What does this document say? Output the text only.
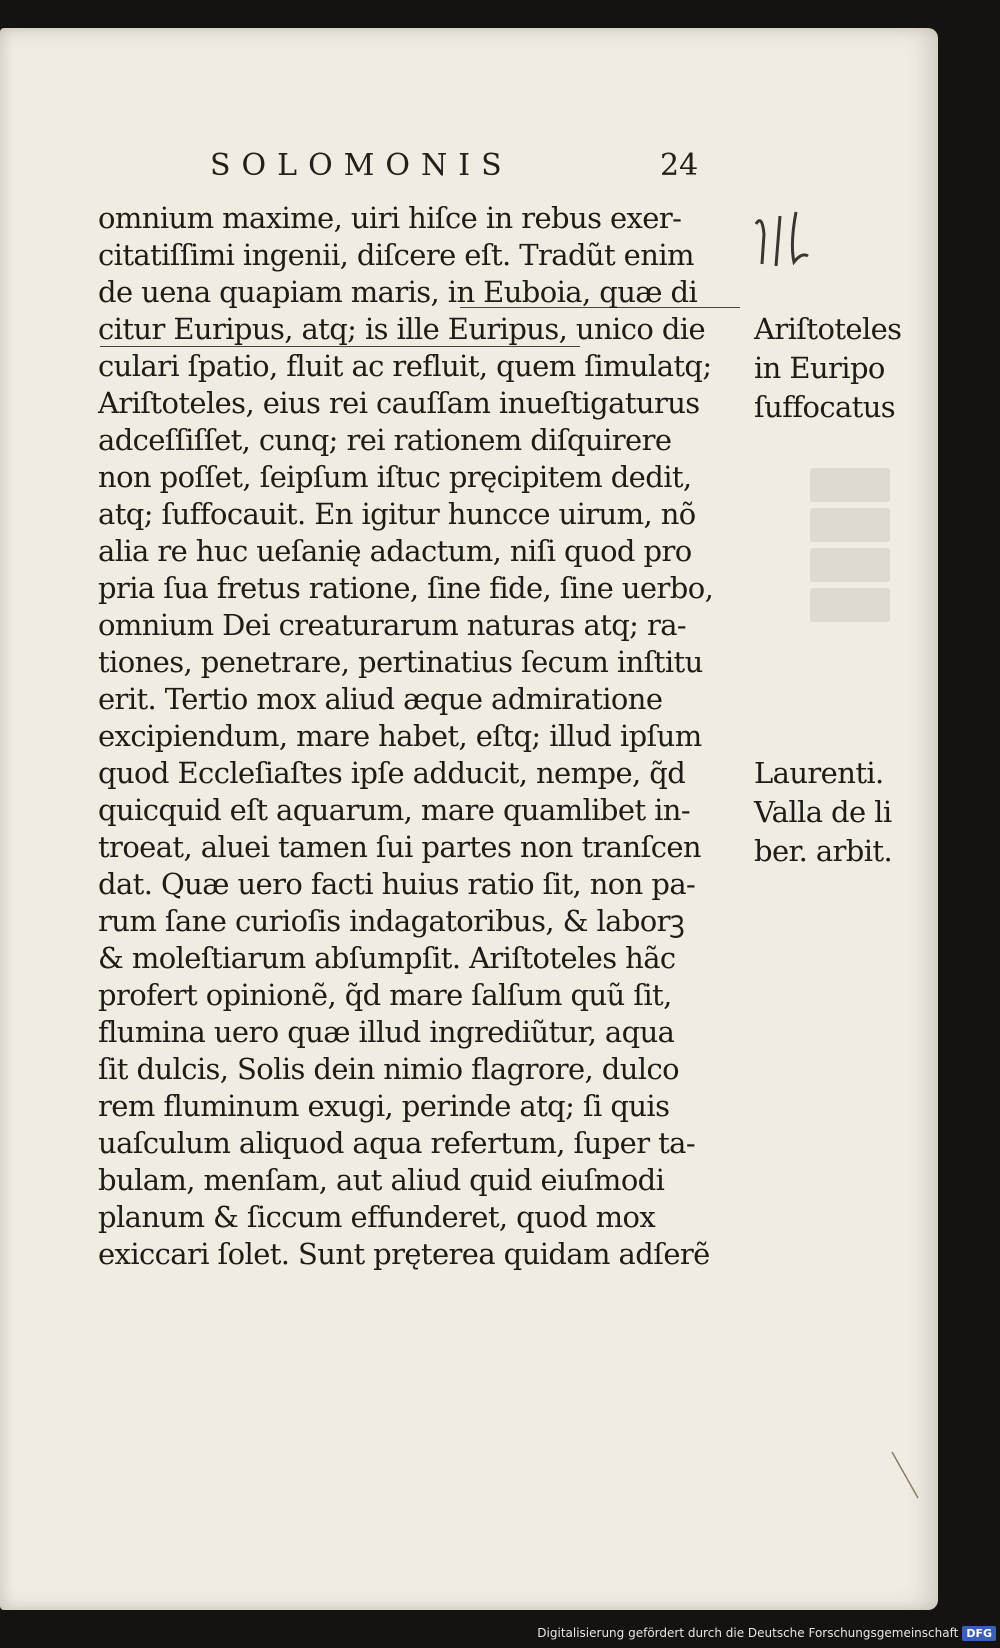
SOLOMONIS	24
omnium maxime, uiri hiſce in rebus exer-
citatiſſimi ingenii, diſcere eſt. Tradũt enim
de uena quapiam maris, in Euboia, quæ di
citur Euripus, atq; is ille Euripus, unico die
culari ſpatio, fluit ac refluit, quem ſimulatq;
Ariſtoteles, eius rei cauſſam inueſtigaturus
adceſſiſſet, cunq; rei rationem diſquirere
non poſſet, ſeipſum iſtuc pręcipitem dedit,
atq; ſuffocauit. En igitur huncce uirum, nõ
alia re huc ueſanię adactum, niſi quod pro
pria ſua fretus ratione, ſine fide, ſine uerbo,
omnium Dei creaturarum naturas atq; ra-
tiones, penetrare, pertinatius ſecum inſtitu
erit. Tertio mox aliud æque admiratione
excipiendum, mare habet, eſtq; illud ipſum
quod Eccleſiaſtes ipſe adducit, nempe, q̃d
quicquid eſt aquarum, mare quamlibet in-
troeat, aluei tamen ſui partes non tranſcen
dat. Quæ uero facti huius ratio ſit, non pa-
rum ſane curioſis indagatoribus, & laborꝫ
& moleſtiarum abſumpſit. Ariſtoteles hãc
profert opinionẽ, q̃d mare ſalſum quũ ſit,
flumina uero quæ illud ingrediũtur, aqua
ſit dulcis, Solis dein nimio flagrore, dulco
rem fluminum exugi, perinde atq; ſi quis
uaſculum aliquod aqua refertum, ſuper ta-
bulam, menſam, aut aliud quid eiuſmodi
planum & ſiccum effunderet, quod mox
exiccari ſolet. Sunt pręterea quidam adſerẽ
Ariſtoteles
in Euripo
ſuffocatus
Laurenti.
Valla de li
ber. arbit.
Digitalisierung gefördert durch die Deutsche Forschungsgemeinschaft DFG
